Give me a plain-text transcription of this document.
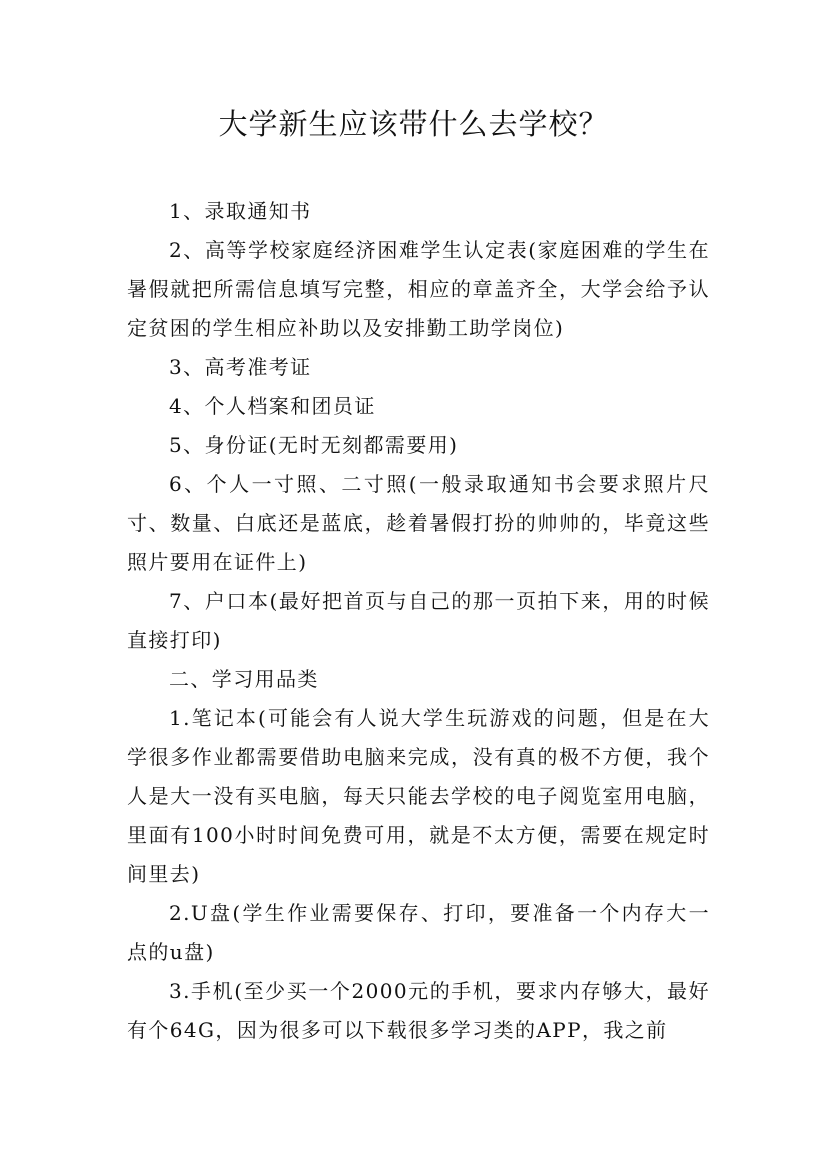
大学新生应该带什么去学校？

1、录取通知书

2、高等学校家庭经济困难学生认定表(家庭困难的学生在暑假就把所需信息填写完整，相应的章盖齐全，大学会给予认定贫困的学生相应补助以及安排勤工助学岗位)

3、高考准考证

4、个人档案和团员证

5、身份证(无时无刻都需要用)

6、个人一寸照、二寸照(一般录取通知书会要求照片尺寸、数量、白底还是蓝底，趁着暑假打扮的帅帅的，毕竟这些照片要用在证件上)

7、户口本(最好把首页与自己的那一页拍下来，用的时候直接打印)

二、学习用品类

1.笔记本(可能会有人说大学生玩游戏的问题，但是在大学很多作业都需要借助电脑来完成，没有真的极不方便，我个人是大一没有买电脑，每天只能去学校的电子阅览室用电脑，里面有100小时时间免费可用，就是不太方便，需要在规定时间里去)

2.U盘(学生作业需要保存、打印，要准备一个内存大一点的u盘)

3.手机(至少买一个2000元的手机，要求内存够大，最好有个64G，因为很多可以下载很多学习类的APP，我之前
